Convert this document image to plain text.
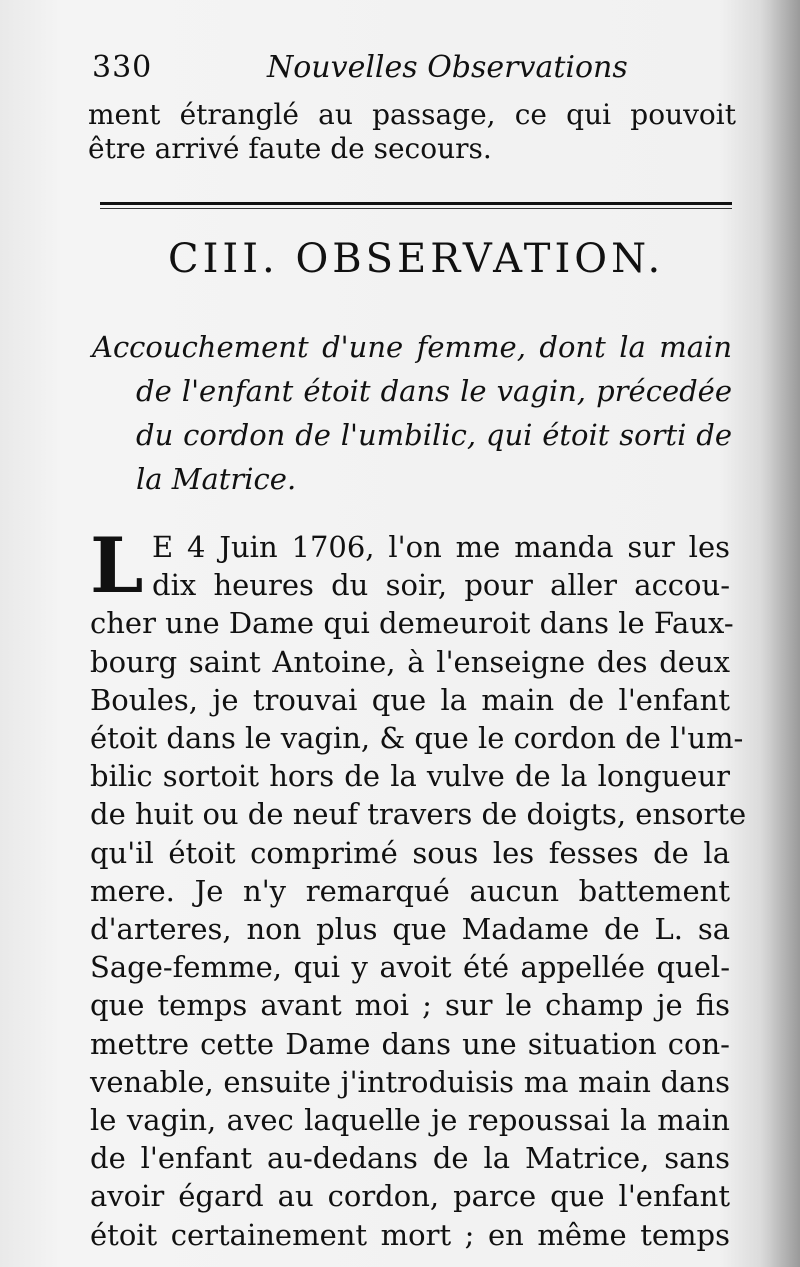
330	Nouvelles Observations
ment étranglé au passage, ce qui pouvoit
être arrivé faute de secours.
CIII. OBSERVATION.
Accouchement d'une femme, dont la main
de l'enfant étoit dans le vagin, précedée
du cordon de l'umbilic, qui étoit sorti de
la Matrice.
L E 4 Juin 1706, l'on me manda sur les
dix heures du soir, pour aller accou-
cher une Dame qui demeuroit dans le Faux-
bourg saint Antoine, à l'enseigne des deux
Boules, je trouvai que la main de l'enfant
étoit dans le vagin, & que le cordon de l'um-
bilic sortoit hors de la vulve de la longueur
de huit ou de neuf travers de doigts, ensorte
qu'il étoit comprimé sous les fesses de la
mere. Je n'y remarqué aucun battement
d'arteres, non plus que Madame de L. sa
Sage-femme, qui y avoit été appellée quel-
que temps avant moi ; sur le champ je fis
mettre cette Dame dans une situation con-
venable, ensuite j'introduisis ma main dans
le vagin, avec laquelle je repoussai la main
de l'enfant au-dedans de la Matrice, sans
avoir égard au cordon, parce que l'enfant
étoit certainement mort ; en même temps
